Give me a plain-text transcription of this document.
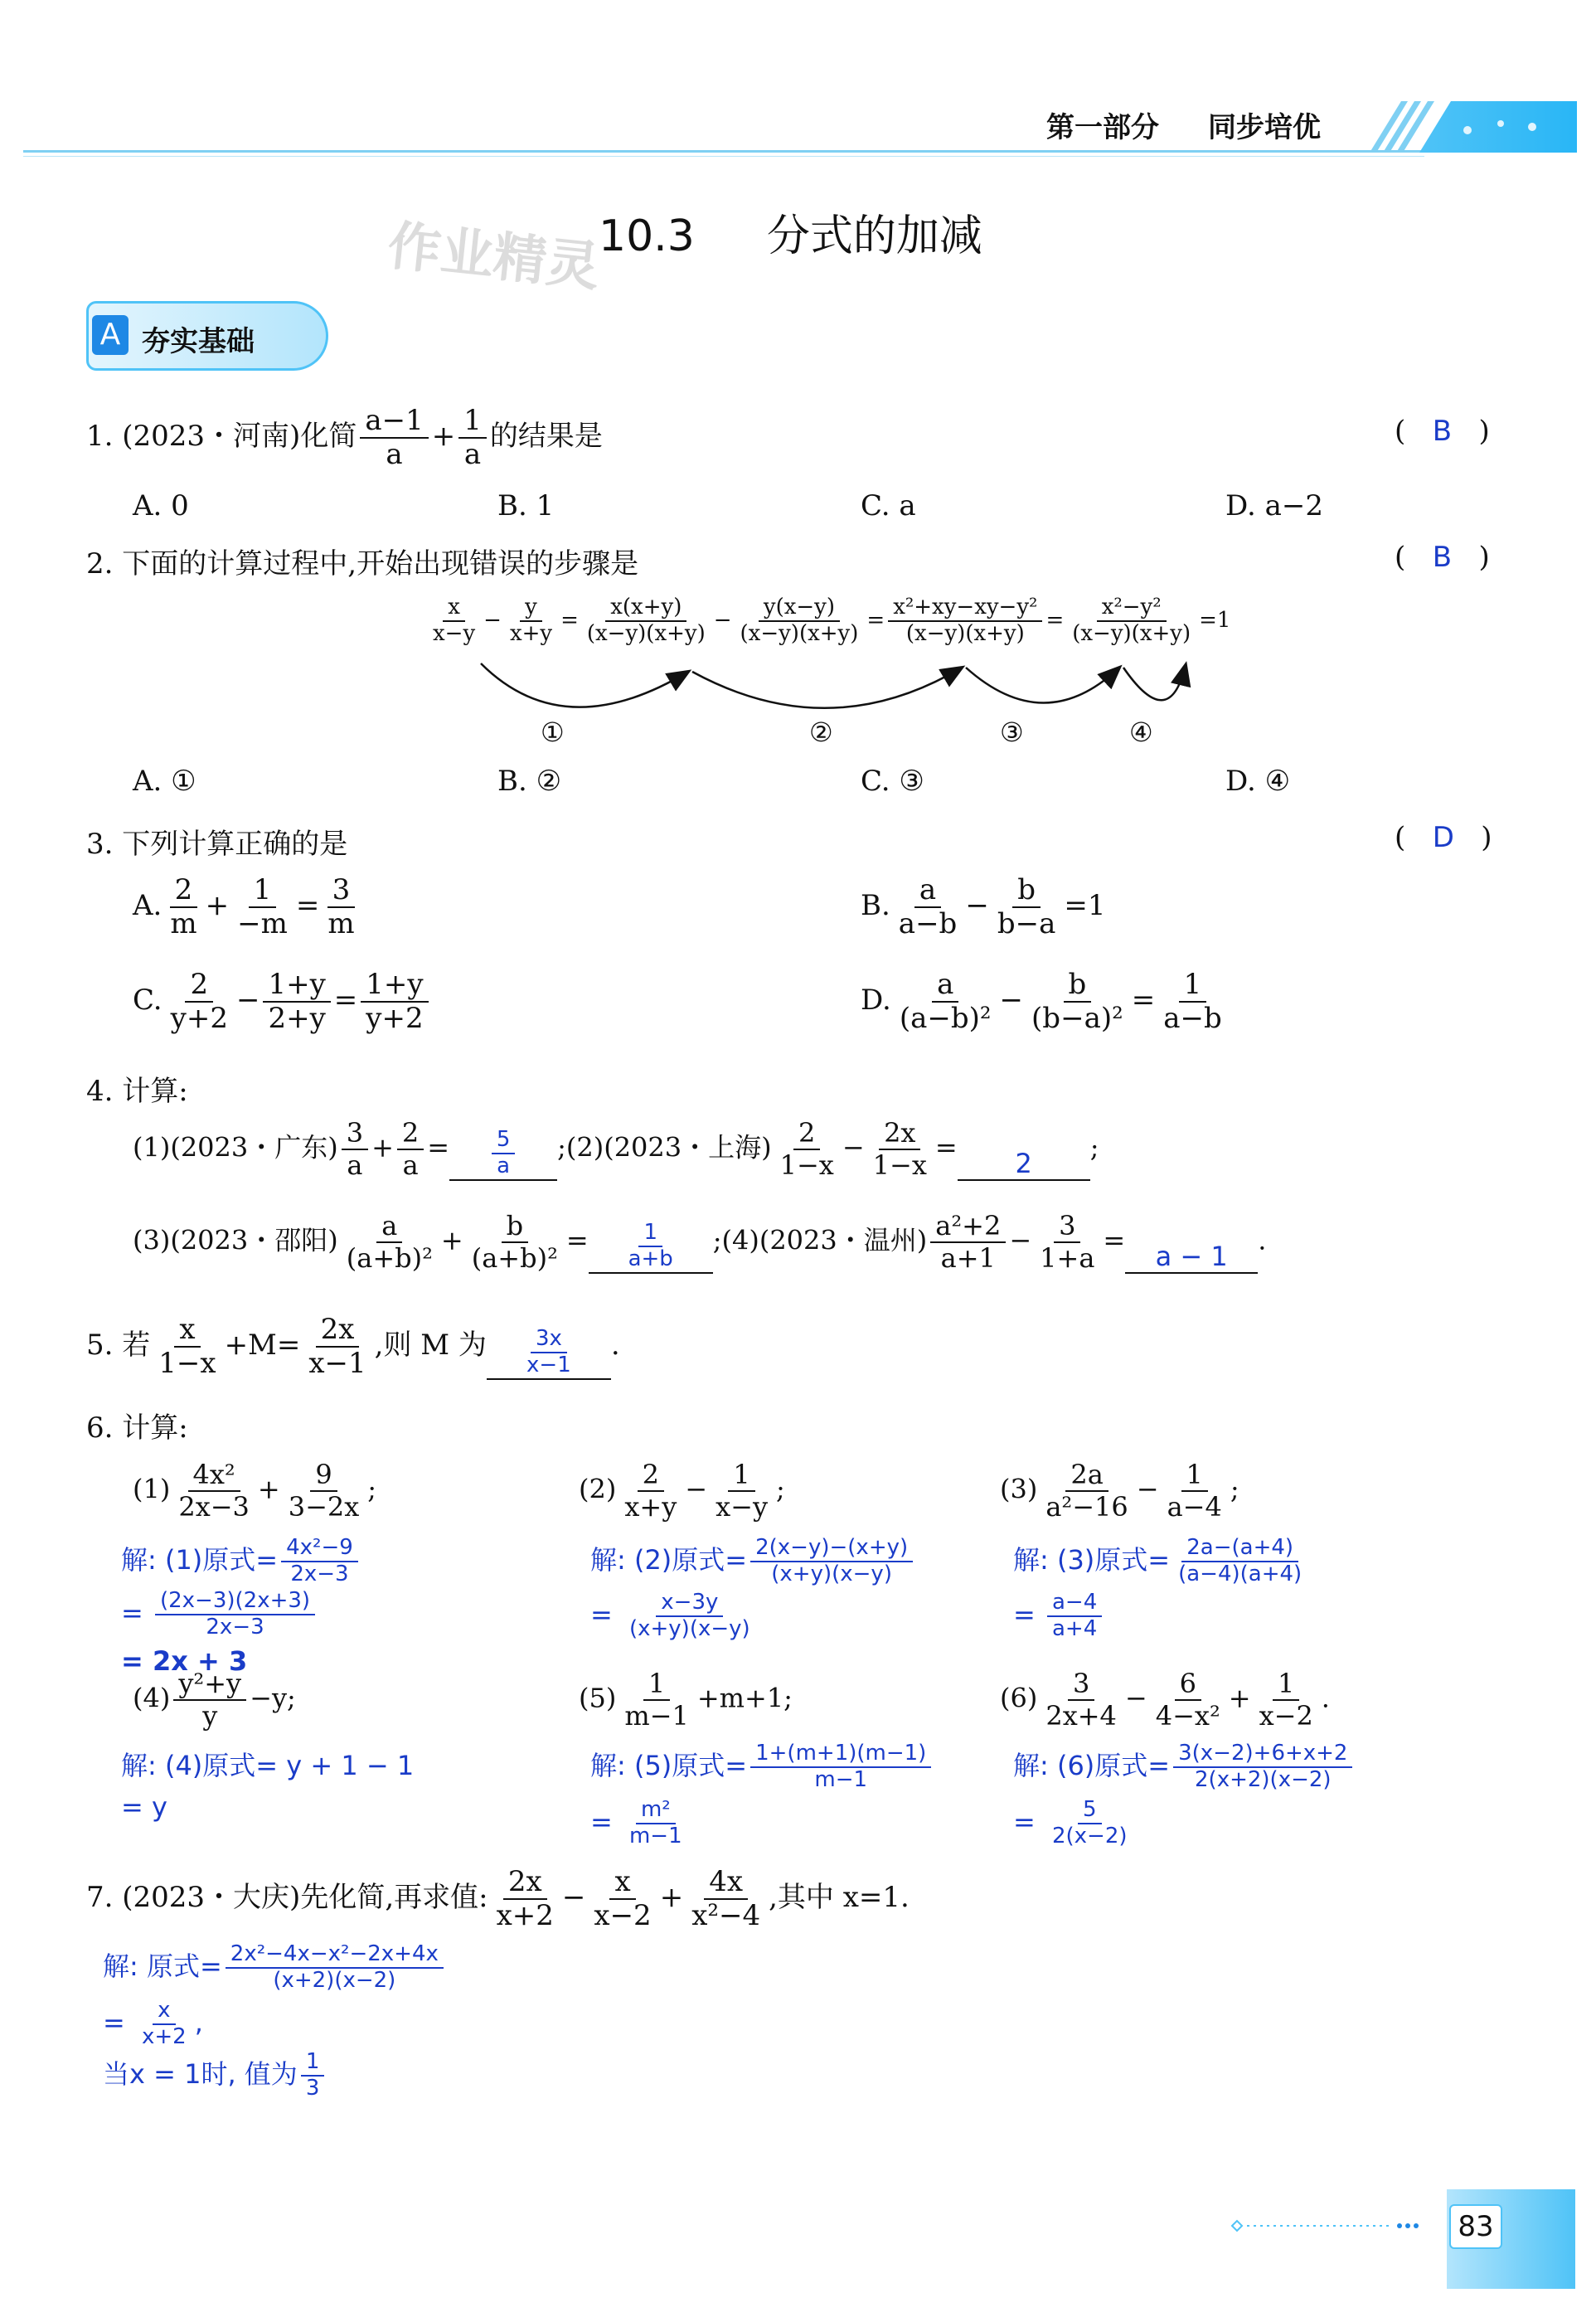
第一部分 同步培优
作业精灵
10.3 分式的加减
A 夯实基础
1. (2023・河南)化简 $\frac{a-1}{a} + \frac{1}{a}$ 的结果是	(   B   )
A. 0	B. 1	C. a	D. a−2
2. 下面的计算过程中,开始出现错误的步骤是	(   B   )
$\frac{x}{x-y} - \frac{y}{x+y} = \frac{x(x+y)}{(x-y)(x+y)} - \frac{y(x-y)}{(x-y)(x+y)} = \frac{\text{x²+xy−xy−y²}}{(x-y)(x+y)} = \frac{\text{x²−y²}}{(x-y)(x+y)} =1$
①	②	③	④
A. ①	B. ②	C. ③	D. ④
3. 下列计算正确的是	(   D   )
A. $\frac{2}{m} + \frac{1}{-m} = \frac{3}{m}$	B. $\frac{a}{a-b} - \frac{b}{b-a} =1$
C. $\frac{2}{y+2} - \frac{1+y}{2+y} = \frac{1+y}{y+2}$	D. $\frac{a}{\text{(a−b)²}} - \frac{b}{\text{(b−a)²}} = \frac{1}{a-b}$
4. 计算:
(1)(2023・广东) $\frac{3}{a} + \frac{2}{a} = \frac{5}{a}$ ;(2)(2023・上海) $\frac{2}{1-x} - \frac{2x}{1-x} =2$;
(3)(2023・邵阳) $\frac{a}{\text{(a+b)²}} + \frac{b}{\text{(a+b)²}} = \frac{1}{a+b}$ ;(4)(2023・温州) $\frac{\text{a²+2}}{a+1} - \frac{3}{1+a} =a - 1$.
5. 若 $\frac{x}{1-x} +M= \frac{2x}{x-1}$ ,则 M 为 $\frac{3x}{x-1}$ .
6. 计算:
$(1) \frac{\text{4x²}}{2x-3} + \frac{9}{3-2x}$ ;
解: (1)原式= $\frac{\text{4x²−9}}{2x-3}$
= $\frac{(2x-3)(2x+3)}{2x-3}$
= 2x + 3
$(2) \frac{2}{x+y} - \frac{1}{x-y}$ ;
解: (2)原式= $\frac{2(x-y)-(x+y)}{(x+y)(x-y)}$
= $\frac{x-3y}{(x+y)(x-y)}$
$(3) \frac{2a}{\text{a²−16}} - \frac{1}{a-4}$ ;
解: (3)原式= $\frac{2a-(a+4)}{(a-4)(a+4)}$
= $\frac{a-4}{a+4}$
$(4) \frac{\text{y²+y}}{y} -y$;
解: (4)原式= y + 1 − 1
= y
$(5) \frac{1}{m-1} +m+1$;
解: (5)原式= $\frac{1+(m+1)(m-1)}{m-1}$
= $\frac{\text{m²}}{m-1}$
$(6) \frac{3}{2x+4} - \frac{6}{\text{4−x²}} + \frac{1}{x-2}$ .
解: (6)原式= $\frac{3(x-2)+6+x+2}{2(x+2)(x-2)}$
= $\frac{5}{2(x-2)}$
7. (2023・大庆)先化简,再求值: $\frac{2x}{x+2} - \frac{x}{x-2} + \frac{4x}{\text{x²−4}}$ ,其中 x=1.
解: 原式= $\frac{\text{2x²−4x−x²−2x+4x}}{(x+2)(x-2)}$
= $\frac{x}{x+2}$ ,
当x = 1时, 值为 $\frac{1}{3}$
83
